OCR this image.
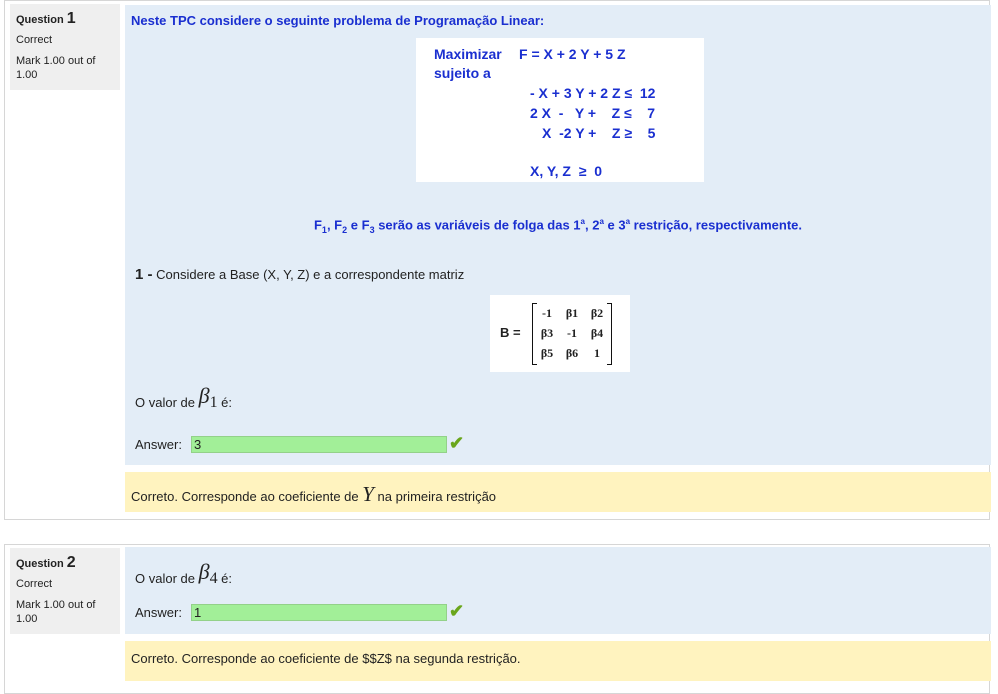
Question 1
Correct
Mark 1.00 out of 1.00
Neste TPC considere o seguinte problema de Programação Linear:
Maximizar F = X + 2 Y + 5 Z
sujeito a
- X + 3 Y + 2 Z ≤  12
2 X  -   Y +    Z ≤    7
X  -2 Y +    Z ≥    5
X, Y, Z  ≥  0
$F_1$, $F_2$ e $F_3$ serão as variáveis de folga das 1$^a$, 2$^a$ e 3$^a$ restrição, respectivamente.
1 - Considere a Base (X, Y, Z) e a correspondente matriz
B =
-1	β1	β2
β3	-1	β4
β5	β6	1
O valor de β1 é:
Answer: 3	✔
Correto. Corresponde ao coeficiente de Y na primeira restrição
Question 2
Correct
Mark 1.00 out of 1.00
O valor de β4 é:
Answer: 1	✔
Correto. Corresponde ao coeficiente de $$Z$ na segunda restrição.
